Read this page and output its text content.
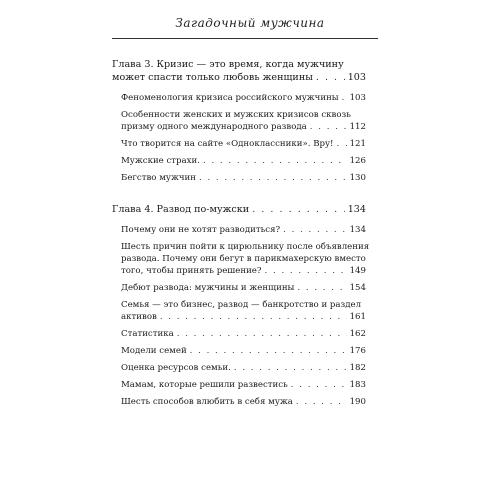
Загадочный мужчина
Глава 3. Кризис — это время, когда мужчину
может спасти только любовь женщины . . .	103
Феноменология кризиса российского мужчины . . . 103
Особенности женских и мужских кризисов сквозь
призму одного международного развода . . .	112
Что творится на сайте «Одноклассники». Вру! . . . 121
Мужские страхи. . . .	126
Бегство мужчин . . .	130
Глава 4. Развод по-мужски . . .	134
Почему они не хотят разводиться? . . .	134
Шесть причин пойти к цирюльнику после объявления
развода. Почему они бегут в парикмахерскую вместо
того, чтобы принять решение? . . .	149
Дебют развода: мужчины и женщины . . .	154
Семья — это бизнес, развод — банкротство и раздел
активов . . .	161
Статистика . . .	162
Модели семей . . .	176
Оценка ресурсов семьи. . . .	182
Мамам, которые решили развестись . . .	183
Шесть способов влюбить в себя мужа . . .	190
